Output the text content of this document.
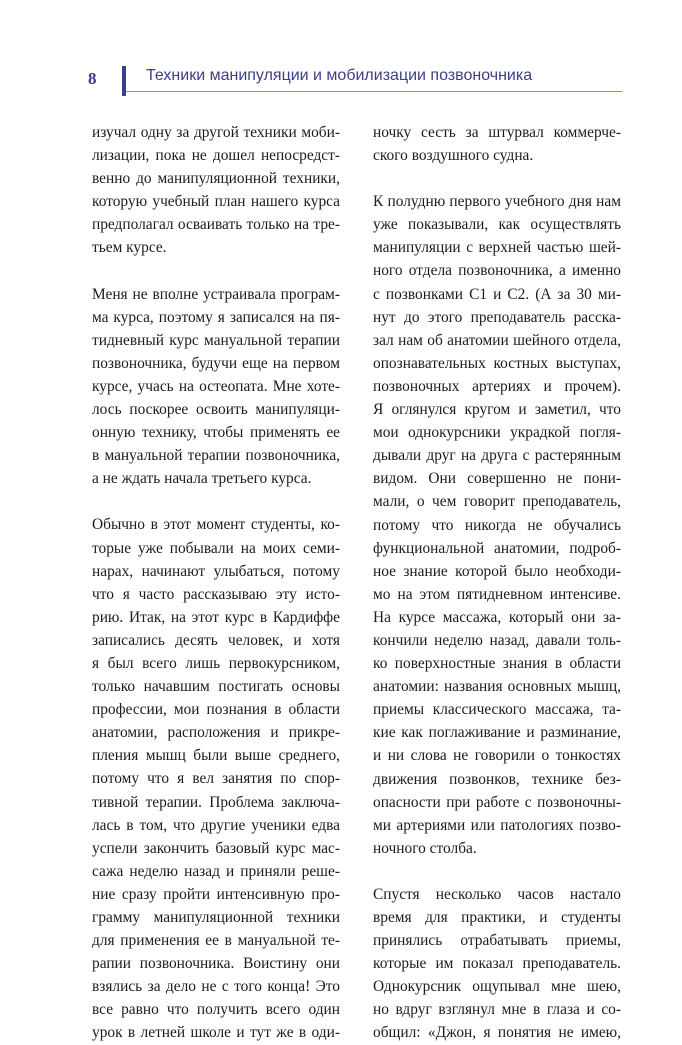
8	Техники манипуляции и мобилизации позвоночника
изучал одну за другой техники моби-
лизации, пока не дошел непосредст-
венно до манипуляционной техники,
которую учебный план нашего курса
предполагал осваивать только на тре-
тьем курсе.
Меня не вполне устраивала програм-
ма курса, поэтому я записался на пя-
тидневный курс мануальной терапии
позвоночника, будучи еще на первом
курсе, учась на остеопата. Мне хоте-
лось поскорее освоить манипуляци-
онную технику, чтобы применять ее
в мануальной терапии позвоночника,
а не ждать начала третьего курса.
Обычно в этот момент студенты, ко-
торые уже побывали на моих семи-
нарах, начинают улыбаться, потому
что я часто рассказываю эту исто-
рию. Итак, на этот курс в Кардиффе
записались десять человек, и хотя
я был всего лишь первокурсником,
только начавшим постигать основы
профессии, мои познания в области
анатомии, расположения и прикре-
пления мышц были выше среднего,
потому что я вел занятия по спор-
тивной терапии. Проблема заключа-
лась в том, что другие ученики едва
успели закончить базовый курс мас-
сажа неделю назад и приняли реше-
ние сразу пройти интенсивную про-
грамму манипуляционной техники
для применения ее в мануальной те-
рапии позвоночника. Воистину они
взялись за дело не с того конца! Это
все равно что получить всего один
урок в летней школе и тут же в оди-
ночку сесть за штурвал коммерче-
ского воздушного судна.
К полудню первого учебного дня нам
уже показывали, как осуществлять
манипуляции с верхней частью шей-
ного отдела позвоночника, а именно
с позвонками C1 и C2. (А за 30 ми-
нут до этого преподаватель расска-
зал нам об анатомии шейного отдела,
опознавательных костных выступах,
позвоночных артериях и прочем).
Я оглянулся кругом и заметил, что
мои однокурсники украдкой погля-
дывали друг на друга с растерянным
видом. Они совершенно не пони-
мали, о чем говорит преподаватель,
потому что никогда не обучались
функциональной анатомии, подроб-
ное знание которой было необходи-
мо на этом пятидневном интенсиве.
На курсе массажа, который они за-
кончили неделю назад, давали толь-
ко поверхностные знания в области
анатомии: названия основных мышц,
приемы классического массажа, та-
кие как поглаживание и разминание,
и ни слова не говорили о тонкостях
движения позвонков, технике без-
опасности при работе с позвоночны-
ми артериями или патологиях позво-
ночного столба.
Спустя несколько часов настало
время для практики, и студенты
принялись отрабатывать приемы,
которые им показал преподаватель.
Однокурсник ощупывал мне шею,
но вдруг взглянул мне в глаза и со-
общил: «Джон, я понятия не имею,
